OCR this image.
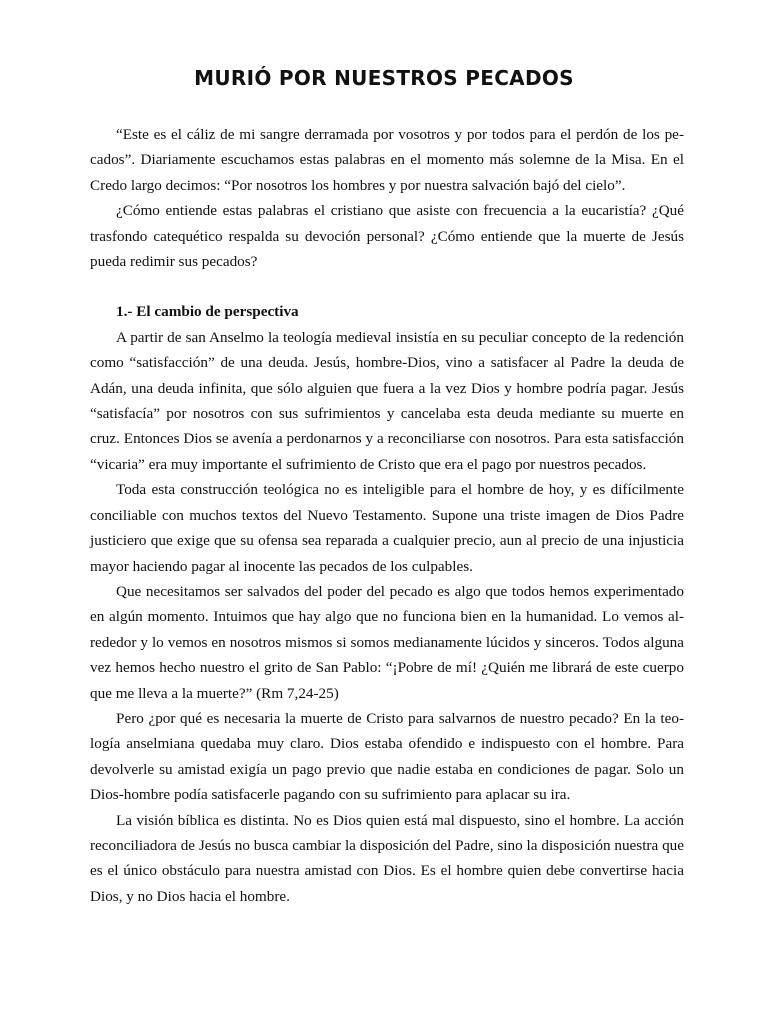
MURIÓ POR NUESTROS PECADOS

“Este es el cáliz de mi sangre derramada por vosotros y por todos para el perdón de los pecados”. Diariamente escuchamos estas palabras en el momento más solemne de la Misa. En el Credo largo decimos: “Por nosotros los hombres y por nuestra salvación bajó del cielo”.

¿Cómo entiende estas palabras el cristiano que asiste con frecuencia a la eucaristía? ¿Qué trasfondo catequético respalda su devoción personal? ¿Cómo entiende que la muerte de Jesús pueda redimir sus pecados?

1.- El cambio de perspectiva

A partir de san Anselmo la teología medieval insistía en su peculiar concepto de la redención como “satisfacción” de una deuda. Jesús, hombre-Dios, vino a satisfacer al Padre la deuda de Adán, una deuda infinita, que sólo alguien que fuera a la vez Dios y hombre podría pagar. Jesús “satisfacía” por nosotros con sus sufrimientos y cancelaba esta deuda mediante su muerte en cruz. Entonces Dios se avenía a perdonarnos y a reconciliarse con nosotros. Para esta satisfacción “vicaria” era muy importante el sufrimiento de Cristo que era el pago por nuestros pecados.

Toda esta construcción teológica no es inteligible para el hombre de hoy, y es difícilmente conciliable con muchos textos del Nuevo Testamento. Supone una triste imagen de Dios Padre justiciero que exige que su ofensa sea reparada a cualquier precio, aun al precio de una injusticia mayor haciendo pagar al inocente las pecados de los culpables.

Que necesitamos ser salvados del poder del pecado es algo que todos hemos experimentado en algún momento. Intuimos que hay algo que no funciona bien en la humanidad. Lo vemos alrededor y lo vemos en nosotros mismos si somos medianamente lúcidos y sinceros. Todos alguna vez hemos hecho nuestro el grito de San Pablo: “¡Pobre de mí! ¿Quién me librará de este cuerpo que me lleva a la muerte?” (Rm 7,24-25)

Pero ¿por qué es necesaria la muerte de Cristo para salvarnos de nuestro pecado? En la teología anselmiana quedaba muy claro. Dios estaba ofendido e indispuesto con el hombre. Para devolverle su amistad exigía un pago previo que nadie estaba en condiciones de pagar. Solo un Dios-hombre podía satisfacerle pagando con su sufrimiento para aplacar su ira.

La visión bíblica es distinta. No es Dios quien está mal dispuesto, sino el hombre. La acción reconciliadora de Jesús no busca cambiar la disposición del Padre, sino la disposición nuestra que es el único obstáculo para nuestra amistad con Dios. Es el hombre quien debe convertirse hacia Dios, y no Dios hacia el hombre.
